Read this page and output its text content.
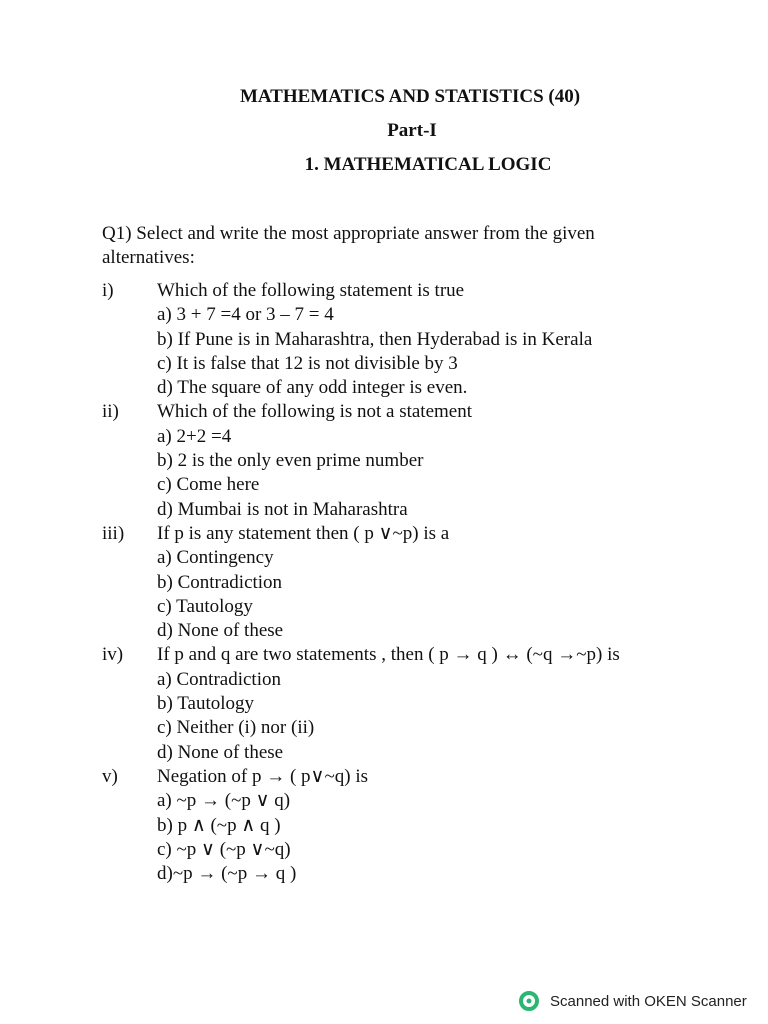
MATHEMATICS AND STATISTICS (40)
Part-I
1. MATHEMATICAL LOGIC

Q1) Select and write the most appropriate answer from the given alternatives:

i)	Which of the following statement is true
a) 3 + 7 =4 or 3 – 7 = 4
b) If Pune is in Maharashtra, then Hyderabad is in Kerala
c) It is false that 12 is not divisible by 3
d) The square of any odd integer is even.
ii)	Which of the following is not a statement
a) 2+2 =4
b) 2 is the only even prime number
c) Come here
d) Mumbai is not in Maharashtra
iii)	If p is any statement then ( p ∨~p) is a
a) Contingency
b) Contradiction
c) Tautology
d) None of these
iv)	If p and q are two statements , then ( p → q ) ↔ (~q →~p) is
a) Contradiction
b) Tautology
c) Neither (i) nor (ii)
d) None of these
v)	Negation of p → ( p∨~q) is
a) ~p → (~p ∨ q)
b) p ∧ (~p ∧ q )
c) ~p ∨ (~p ∨~q)
d)~p → (~p → q )
Scanned with OKEN Scanner
